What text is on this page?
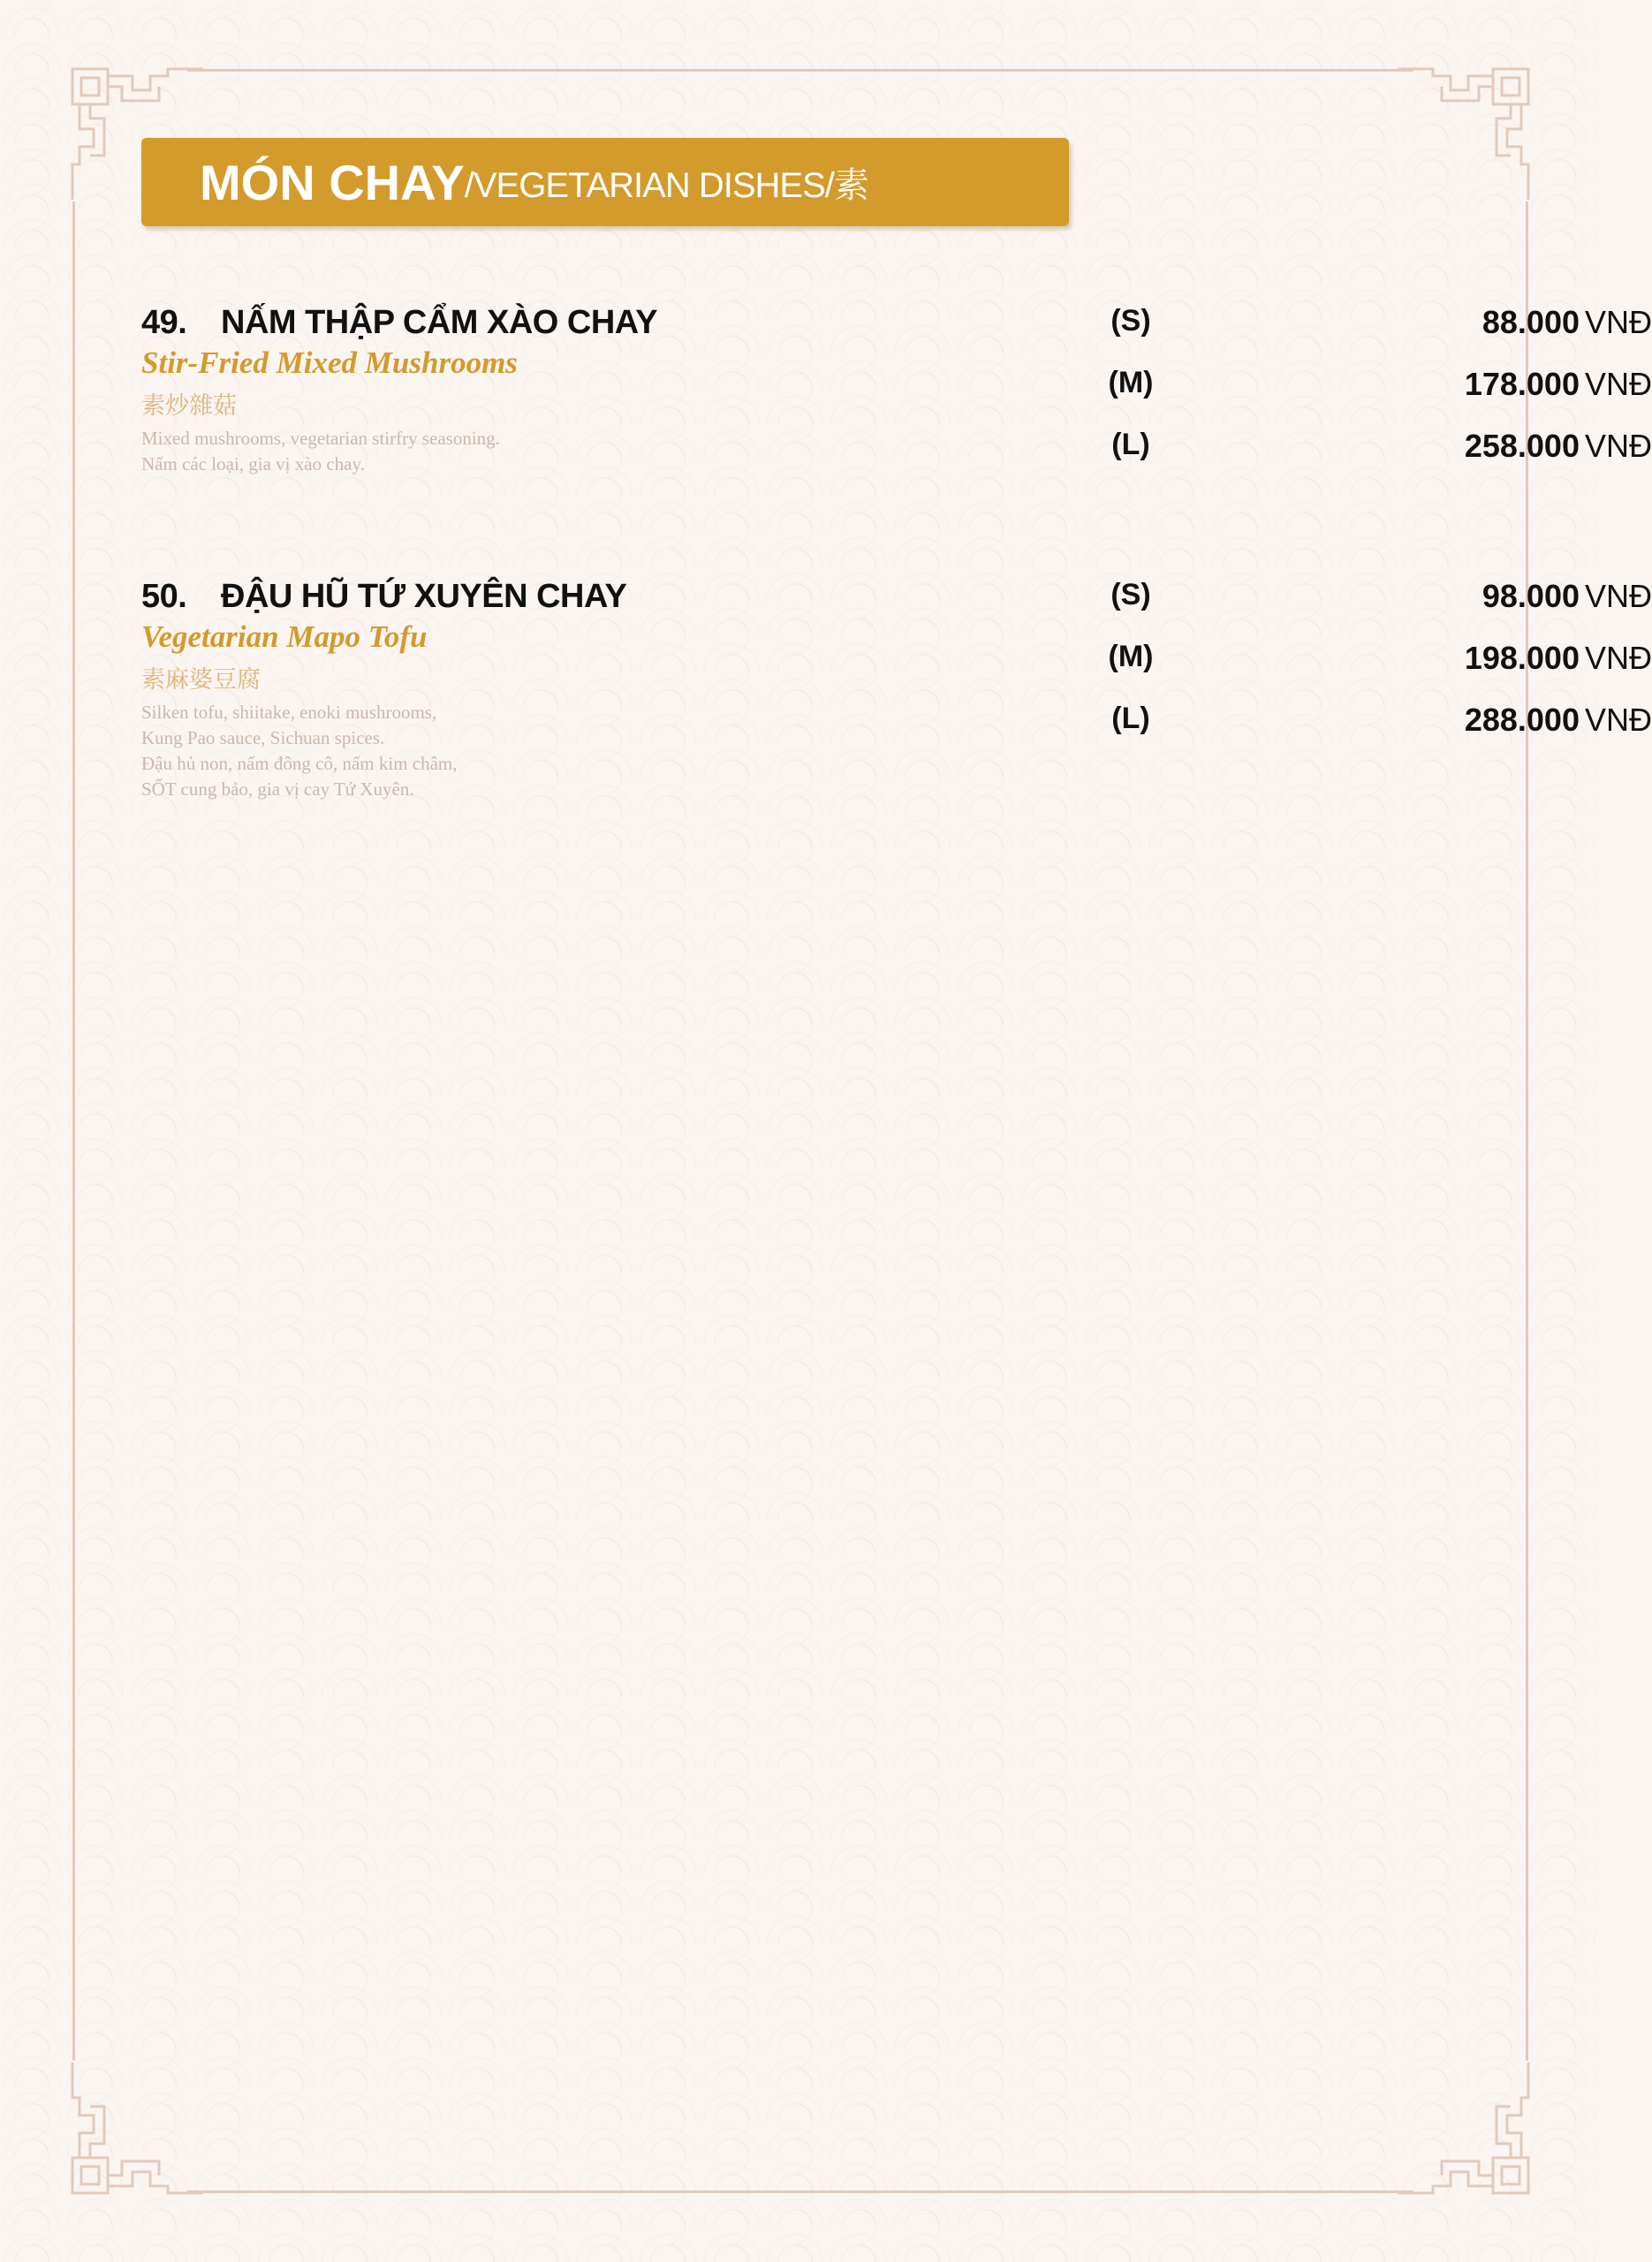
MÓN CHAY /VEGETARIAN DISHES/素
49. NẤM THẬP CẨM XÀO CHAY
Stir-Fried Mixed Mushrooms
素炒雜菇
Mixed mushrooms, vegetarian stirfry seasoning.
Nấm các loại, gia vị xào chay.
(S)	88.000 VNĐ
(M)	178.000 VNĐ
(L)	258.000 VNĐ
50. ĐẬU HŨ TỨ XUYÊN CHAY
Vegetarian Mapo Tofu
素麻婆豆腐
Silken tofu, shiitake, enoki mushrooms,
Kung Pao sauce, Sichuan spices.
Đậu hủ non, nấm đông cô, nấm kim châm,
SỐT cung bảo, gia vị cay Tứ Xuyên.
(S)	98.000 VNĐ
(M)	198.000 VNĐ
(L)	288.000 VNĐ
